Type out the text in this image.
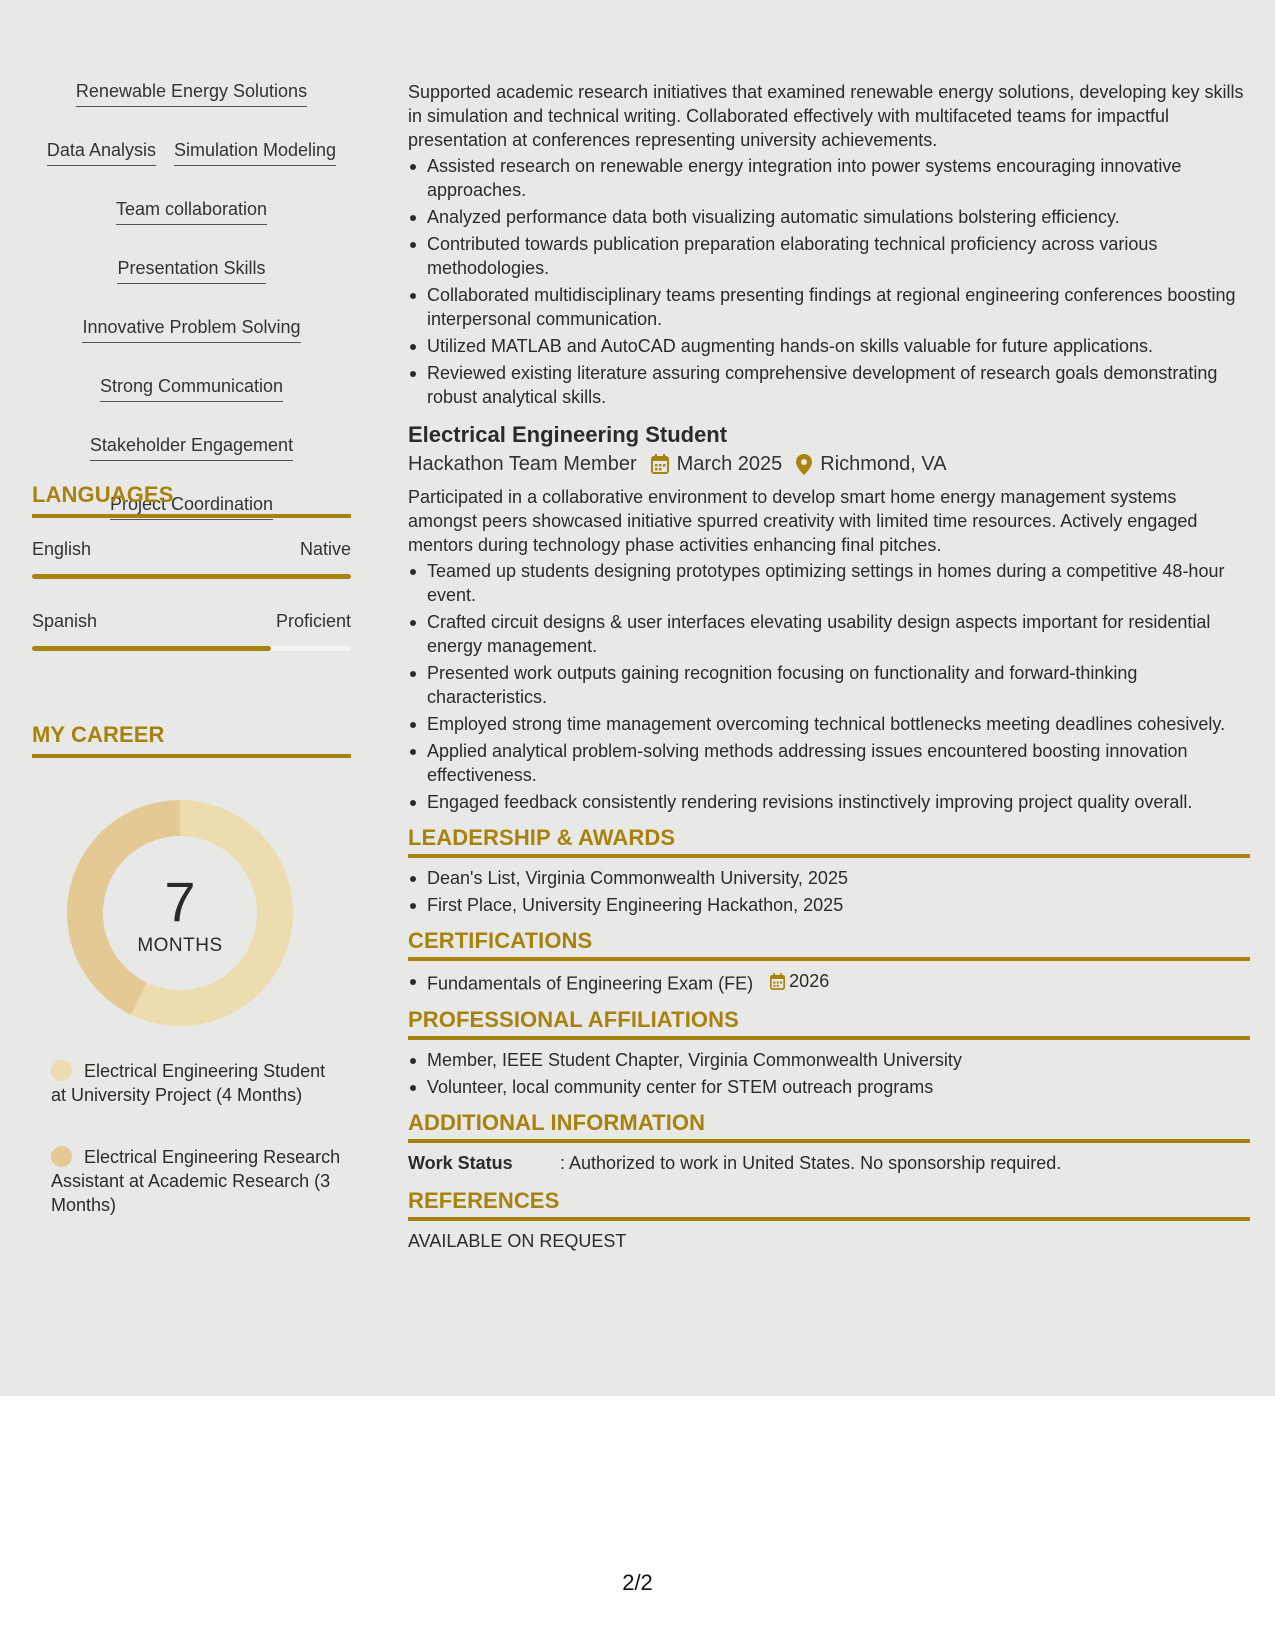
Renewable Energy Solutions
Data Analysis Simulation Modeling
Team collaboration
Presentation Skills
Innovative Problem Solving
Strong Communication
Stakeholder Engagement
Project Coordination
LANGUAGES
English	Native
Spanish	Proficient
MY CAREER
7
MONTHS
Electrical Engineering Student at University Project (4 Months)
Electrical Engineering Research Assistant at Academic Research (3 Months)

Supported academic research initiatives that examined renewable energy solutions, developing key skills in simulation and technical writing. Collaborated effectively with multifaceted teams for impactful presentation at conferences representing university achievements.

Assisted research on renewable energy integration into power systems encouraging innovative approaches.
Analyzed performance data both visualizing automatic simulations bolstering efficiency.
Contributed towards publication preparation elaborating technical proficiency across various methodologies.
Collaborated multidisciplinary teams presenting findings at regional engineering conferences boosting interpersonal communication.
Utilized MATLAB and AutoCAD augmenting hands-on skills valuable for future applications.
Reviewed existing literature assuring comprehensive development of research goals demonstrating robust analytical skills.
Electrical Engineering Student
Hackathon Team Member March 2025 Richmond, VA

Participated in a collaborative environment to develop smart home energy management systems amongst peers showcased initiative spurred creativity with limited time resources. Actively engaged mentors during technology phase activities enhancing final pitches.

Teamed up students designing prototypes optimizing settings in homes during a competitive 48-hour event.
Crafted circuit designs & user interfaces elevating usability design aspects important for residential energy management.
Presented work outputs gaining recognition focusing on functionality and forward-thinking characteristics.
Employed strong time management overcoming technical bottlenecks meeting deadlines cohesively.
Applied analytical problem-solving methods addressing issues encountered boosting innovation effectiveness.
Engaged feedback consistently rendering revisions instinctively improving project quality overall.
LEADERSHIP & AWARDS
Dean's List, Virginia Commonwealth University, 2025
First Place, University Engineering Hackathon, 2025
CERTIFICATIONS
Fundamentals of Engineering Exam (FE) 2026
PROFESSIONAL AFFILIATIONS
Member, IEEE Student Chapter, Virginia Commonwealth University
Volunteer, local community center for STEM outreach programs
ADDITIONAL INFORMATION
Work Status	: Authorized to work in United States. No sponsorship required.
REFERENCES
AVAILABLE ON REQUEST
2/2
